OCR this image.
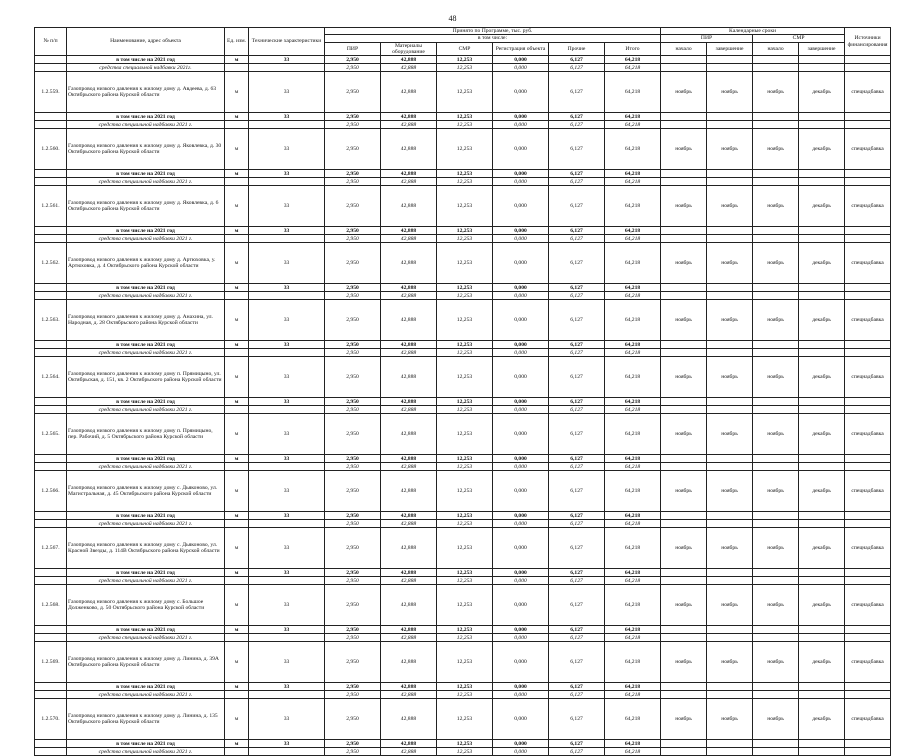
48
№ п/п	Наименование, адрес объекта	Ед. изм.	Технические характеристики	Принято по Программе, тыс. руб.						Календарные сроки				Источники финансирования
				в том числе:						ПИР		СМР		
				ПИР	Материалы оборудование	СМР	Регистрация объекта	Прочие	Итого	начало	завершение	начало	завершение	
	в том числе на 2021 год	м	33	2,950	42,888	12,253	0,000	6,127	64,218					
	средства специальной надбавки 2021г.			2,950	42,888	12,253	0,000	6,127	64,218					
1.2.559.	Газопровод низкого давления к жилому дому д. Авдеева, д. 63 Октябрьского района Курской области	м	33	2,950	42,888	12,253	0,000	6,127	64,218	ноябрь	ноябрь	ноябрь	декабрь	спецнадбавка
	в том числе на 2021 год	м	33	2,950	42,888	12,253	0,000	6,127	64,218					
	средства специальной надбавки 2021 г.			2,950	42,888	12,253	0,000	6,127	64,218					
1.2.560.	Газопровод низкого давления к жилому дому д. Яковлевка, д. 30 Октябрьского района Курской области	м	33	2,950	42,888	12,253	0,000	6,127	64,218	ноябрь	ноябрь	ноябрь	декабрь	спецнадбавка
	в том числе на 2021 год	м	33	2,950	42,888	12,253	0,000	6,127	64,218					
	средства специальной надбавки 2021 г.			2,950	42,888	12,253	0,000	6,127	64,218					
1.2.561.	Газопровод низкого давления к жилому дому д. Яковлевка, д. 6 Октябрьского района Курской области	м	33	2,950	42,888	12,253	0,000	6,127	64,218	ноябрь	ноябрь	ноябрь	декабрь	спецнадбавка
	в том числе на 2021 год	м	33	2,950	42,888	12,253	0,000	6,127	64,218					
	средства специальной надбавки 2021 г.			2,950	42,888	12,253	0,000	6,127	64,218					
1.2.562.	Газопровод низкого давления к жилому дому д. Артюховка, у. Артюховка, д. 4 Октябрьского района Курской области	м	33	2,950	42,888	12,253	0,000	6,127	64,218	ноябрь	ноябрь	ноябрь	декабрь	спецнадбавка
	в том числе на 2021 год	м	33	2,950	42,888	12,253	0,000	6,127	64,218					
	средства специальной надбавки 2021 г.			2,950	42,888	12,253	0,000	6,127	64,218					
1.2.563.	Газопровод низкого давления к жилому дому д. Анахина, ул. Народная, д. 28 Октябрьского района Курской области	м	33	2,950	42,888	12,253	0,000	6,127	64,218	ноябрь	ноябрь	ноябрь	декабрь	спецнадбавка
	в том числе на 2021 год	м	33	2,950	42,888	12,253	0,000	6,127	64,218					
	средства специальной надбавки 2021 г.			2,950	42,888	12,253	0,000	6,127	64,218					
1.2.564.	Газопровод низкого давления к жилому дому п. Прямицыно, ул. Октябрьская, д. 151, кв. 2 Октябрьского района Курской области	м	33	2,950	42,888	12,253	0,000	6,127	64,218	ноябрь	ноябрь	ноябрь	декабрь	спецнадбавка
	в том числе на 2021 год	м	33	2,950	42,888	12,253	0,000	6,127	64,218					
	средства специальной надбавки 2021 г.			2,950	42,888	12,253	0,000	6,127	64,218					
1.2.565.	Газопровод низкого давления к жилому дому п. Прямицыно, пер. Рабочий, д. 5 Октябрьского района Курской области	м	33	2,950	42,888	12,253	0,000	6,127	64,218	ноябрь	ноябрь	ноябрь	декабрь	спецнадбавка
	в том числе на 2021 год	м	33	2,950	42,888	12,253	0,000	6,127	64,218					
	средства специальной надбавки 2021 г.			2,950	42,888	12,253	0,000	6,127	64,218					
1.2.566.	Газопровод низкого давления к жилому дому с. Дьяконово, ул. Магистральная, д. 45 Октябрьского района Курской области	м	33	2,950	42,888	12,253	0,000	6,127	64,218	ноябрь	ноябрь	ноябрь	декабрь	спецнадбавка
	в том числе на 2021 год	м	33	2,950	42,888	12,253	0,000	6,127	64,218					
	средства специальной надбавки 2021 г.			2,950	42,888	12,253	0,000	6,127	64,218					
1.2.567.	Газопровод низкого давления к жилому дому с. Дьяконово, ул. Красной Звезды, д. 114В Октябрьского района Курской области	м	33	2,950	42,888	12,253	0,000	6,127	64,218	ноябрь	ноябрь	ноябрь	декабрь	спецнадбавка
	в том числе на 2021 год	м	33	2,950	42,888	12,253	0,000	6,127	64,218					
	средства специальной надбавки 2021 г.			2,950	42,888	12,253	0,000	6,127	64,218					
1.2.568.	Газопровод низкого давления к жилому дому с. Большое Долженково, д. 50 Октябрьского района Курской области	м	33	2,950	42,888	12,253	0,000	6,127	64,218	ноябрь	ноябрь	ноябрь	декабрь	спецнадбавка
	в том числе на 2021 год	м	33	2,950	42,888	12,253	0,000	6,127	64,218					
	средства специальной надбавки 2021 г.			2,950	42,888	12,253	0,000	6,127	64,218					
1.2.569.	Газопровод низкого давления к жилому дому д. Линина, д. 39А Октябрьского района Курской области	м	33	2,950	42,888	12,253	0,000	6,127	64,218	ноябрь	ноябрь	ноябрь	декабрь	спецнадбавка
	в том числе на 2021 год	м	33	2,950	42,888	12,253	0,000	6,127	64,218					
	средства специальной надбавки 2021 г.			2,950	42,888	12,253	0,000	6,127	64,218					
1.2.570.	Газопровод низкого давления к жилому дому д. Линина, д. 135 Октябрьского района Курской области	м	33	2,950	42,888	12,253	0,000	6,127	64,218	ноябрь	ноябрь	ноябрь	декабрь	спецнадбавка
	в том числе на 2021 год	м	33	2,950	42,888	12,253	0,000	6,127	64,218					
	средства специальной надбавки 2021 г.			2,950	42,888	12,253	0,000	6,127	64,218					
